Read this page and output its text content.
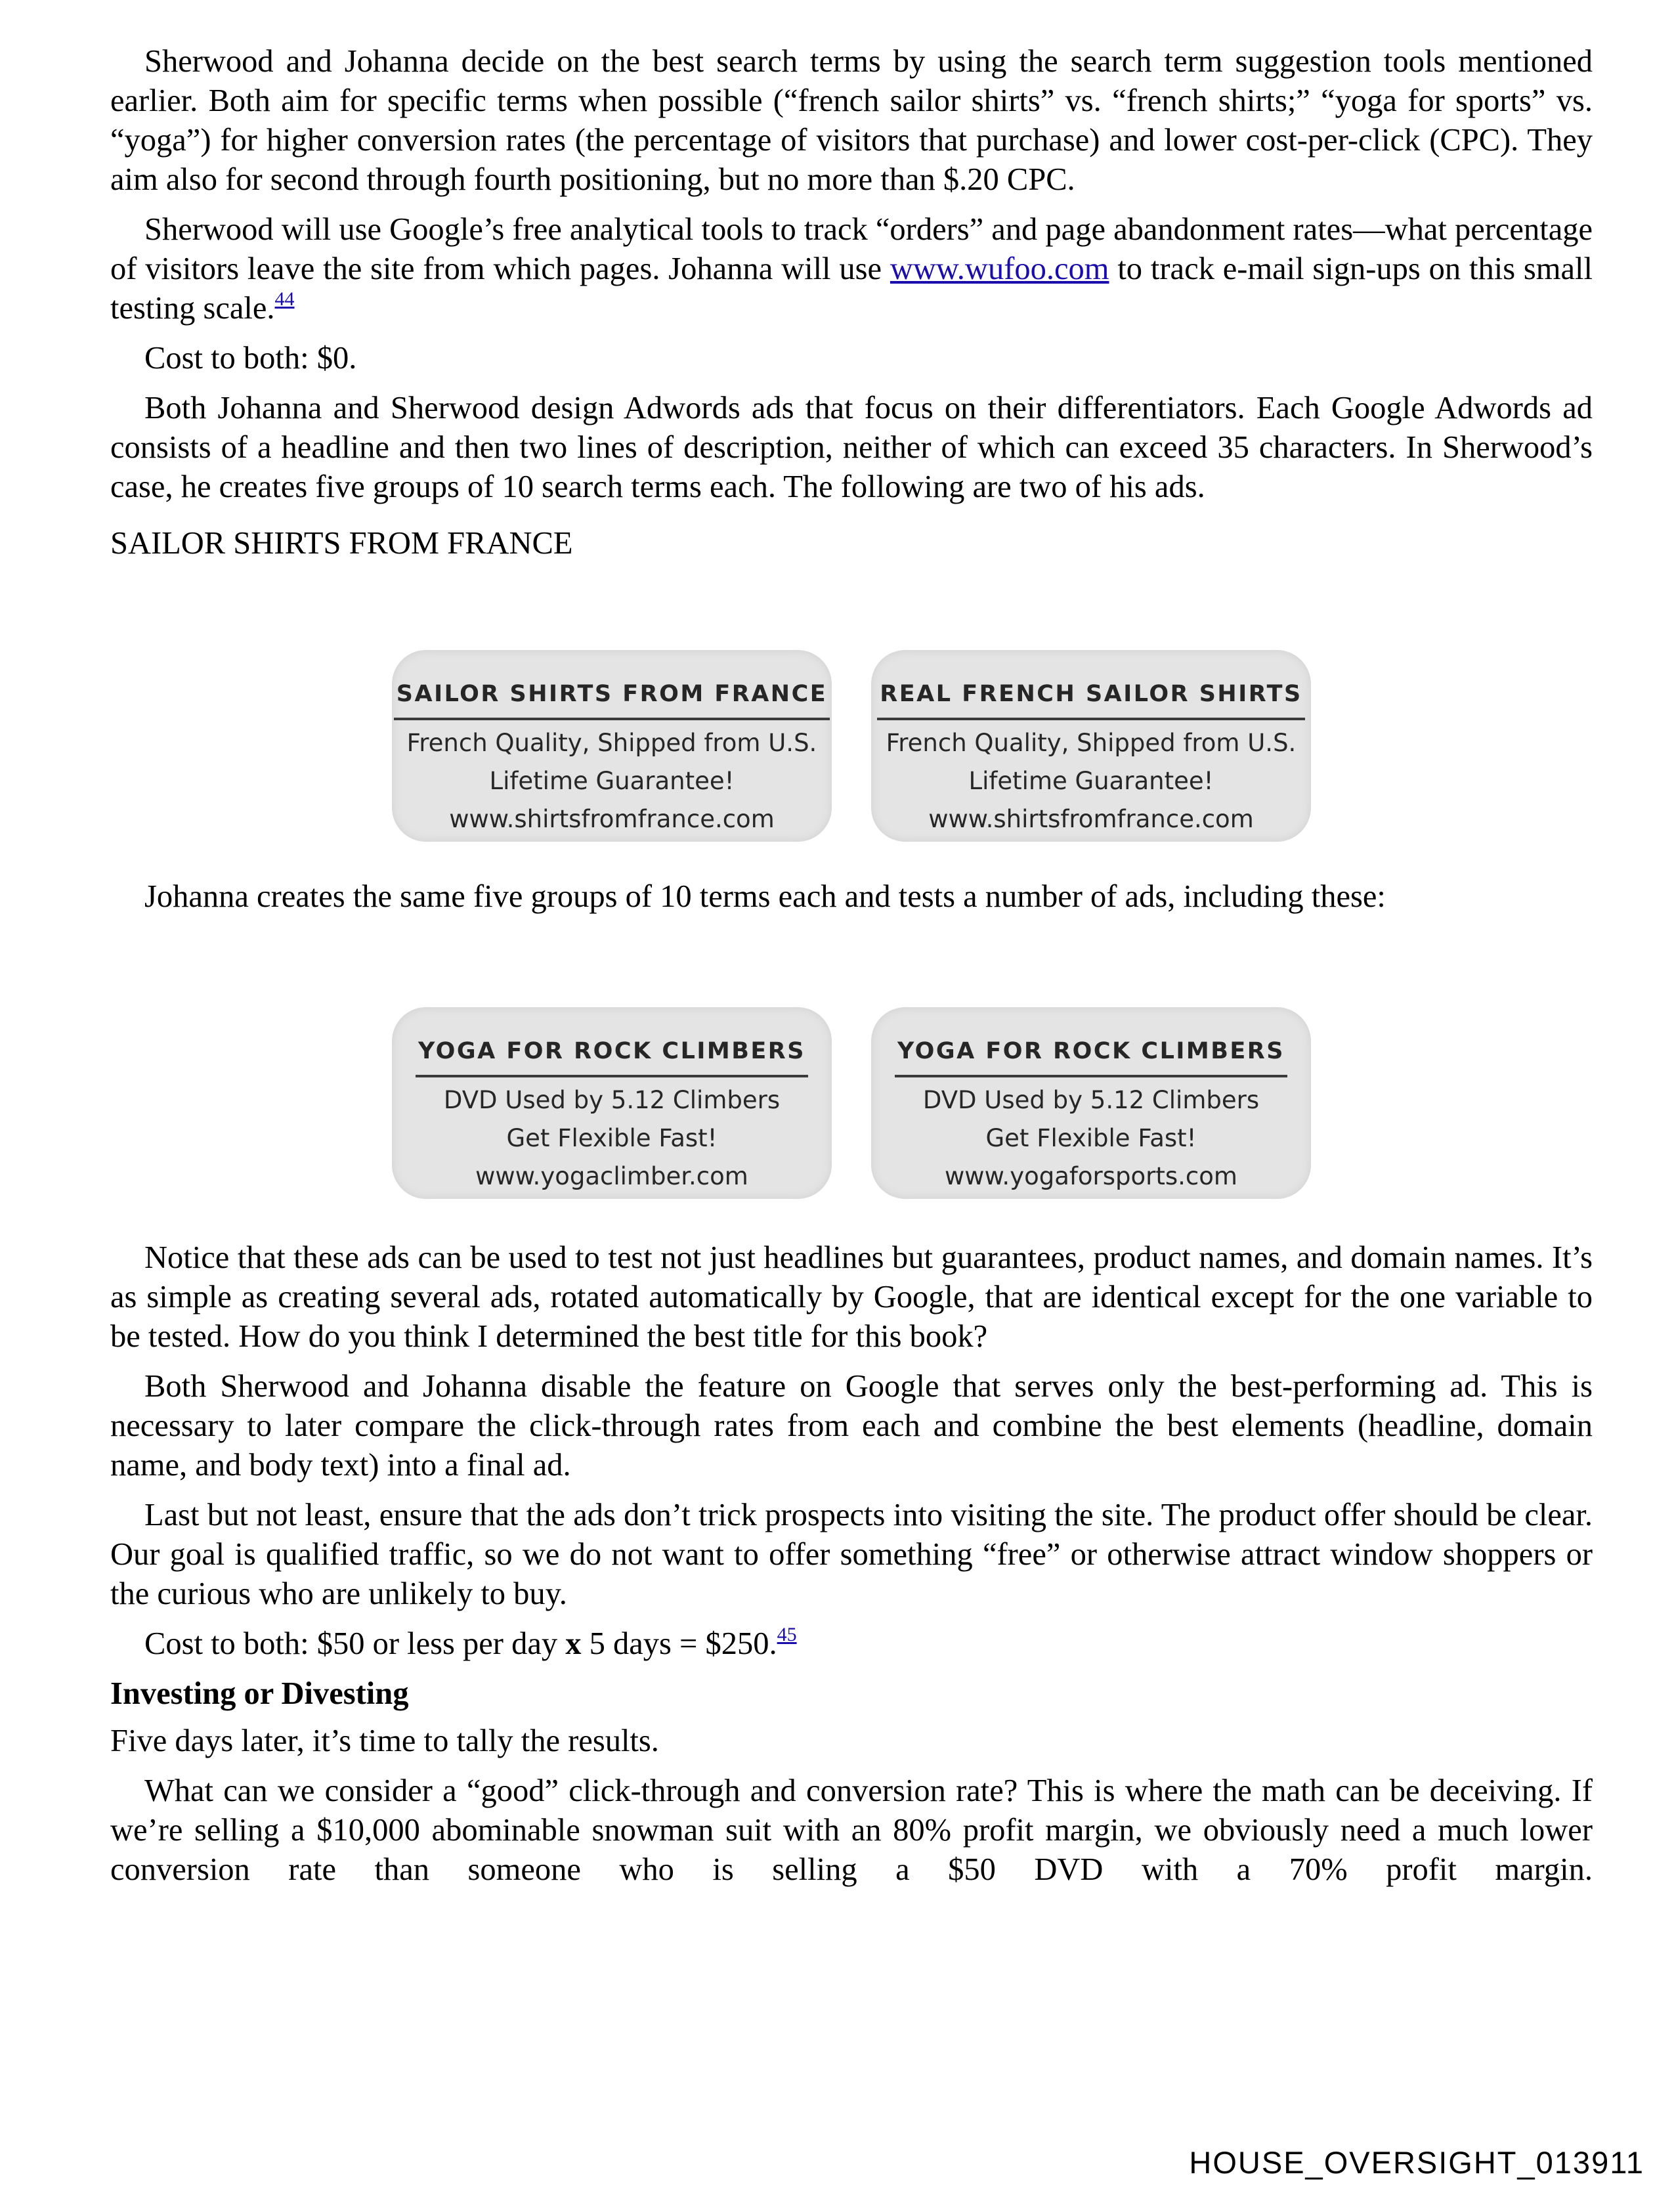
Sherwood and Johanna decide on the best search terms by using the search term suggestion tools mentioned earlier. Both aim for specific terms when possible (“french sailor shirts” vs. “french shirts;” “yoga for sports” vs. “yoga”) for higher conversion rates (the percentage of visitors that purchase) and lower cost-per-click (CPC). They aim also for second through fourth positioning, but no more than $.20 CPC.

Sherwood will use Google’s free analytical tools to track “orders” and page abandonment rates—what percentage of visitors leave the site from which pages. Johanna will use www.wufoo.com to track e-mail sign-ups on this small testing scale.$^{44}$

Cost to both: $0.

Both Johanna and Sherwood design Adwords ads that focus on their differentiators. Each Google Adwords ad consists of a headline and then two lines of description, neither of which can exceed 35 characters. In Sherwood’s case, he creates five groups of 10 search terms each. The following are two of his ads.

SAILOR SHIRTS FROM FRANCE

SAILOR SHIRTS FROM FRANCE
French Quality, Shipped from U.S.
Lifetime Guarantee!
www.shirtsfromfrance.com
REAL FRENCH SAILOR SHIRTS
French Quality, Shipped from U.S.
Lifetime Guarantee!
www.shirtsfromfrance.com

Johanna creates the same five groups of 10 terms each and tests a number of ads, including these:

YOGA FOR ROCK CLIMBERS
DVD Used by 5.12 Climbers
Get Flexible Fast!
www.yogaclimber.com
YOGA FOR ROCK CLIMBERS
DVD Used by 5.12 Climbers
Get Flexible Fast!
www.yogaforsports.com

Notice that these ads can be used to test not just headlines but guarantees, product names, and domain names. It’s as simple as creating several ads, rotated automatically by Google, that are identical except for the one variable to be tested. How do you think I determined the best title for this book?

Both Sherwood and Johanna disable the feature on Google that serves only the best-performing ad. This is necessary to later compare the click-through rates from each and combine the best elements (headline, domain name, and body text) into a final ad.

Last but not least, ensure that the ads don’t trick prospects into visiting the site. The product offer should be clear. Our goal is qualified traffic, so we do not want to offer something “free” or otherwise attract window shoppers or the curious who are unlikely to buy.

Cost to both: $50 or less per day x 5 days = $250.45

Investing or Divesting

Five days later, it’s time to tally the results.

What can we consider a “good” click-through and conversion rate? This is where the math can be deceiving. If we’re selling a $10,000 abominable snowman suit with an 80% profit margin, we obviously need a much lower conversion rate than someone who is selling a $50 DVD with a 70% profit margin.

HOUSE_OVERSIGHT_013911
